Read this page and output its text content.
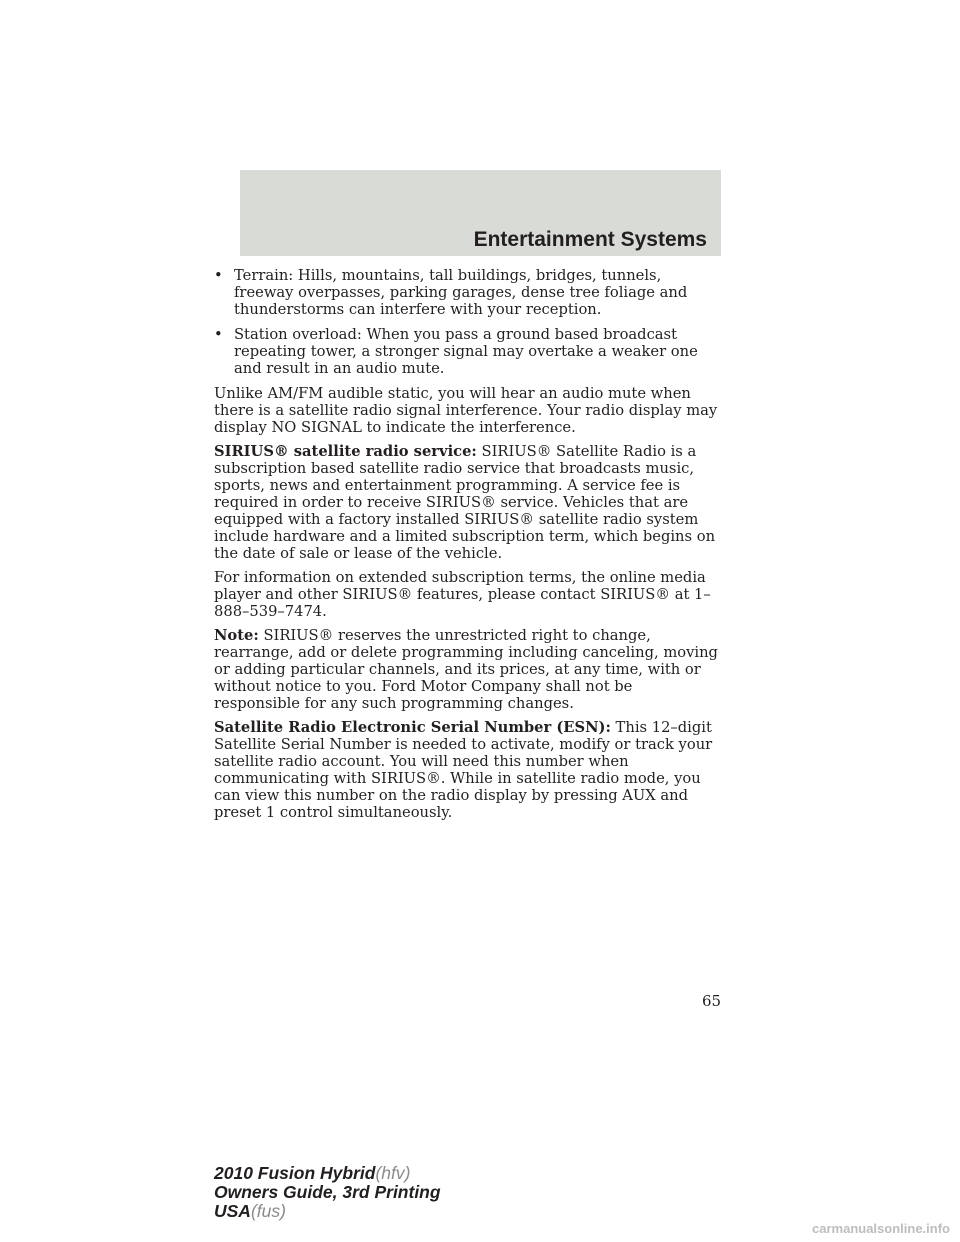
Entertainment Systems
• Terrain: Hills, mountains, tall buildings, bridges, tunnels, freeway overpasses, parking garages, dense tree foliage and thunderstorms can interfere with your reception.
• Station overload: When you pass a ground based broadcast repeating tower, a stronger signal may overtake a weaker one and result in an audio mute.

Unlike AM/FM audible static, you will hear an audio mute when there is a satellite radio signal interference. Your radio display may display NO SIGNAL to indicate the interference.

SIRIUS® satellite radio service: SIRIUS® Satellite Radio is a subscription based satellite radio service that broadcasts music, sports, news and entertainment programming. A service fee is required in order to receive SIRIUS® service. Vehicles that are equipped with a factory installed SIRIUS® satellite radio system include hardware and a limited subscription term, which begins on the date of sale or lease of the vehicle.

For information on extended subscription terms, the online media player and other SIRIUS® features, please contact SIRIUS® at 1–888–539–7474.

Note: SIRIUS® reserves the unrestricted right to change, rearrange, add or delete programming including canceling, moving or adding particular channels, and its prices, at any time, with or without notice to you. Ford Motor Company shall not be responsible for any such programming changes.

Satellite Radio Electronic Serial Number (ESN): This 12–digit Satellite Serial Number is needed to activate, modify or track your satellite radio account. You will need this number when communicating with SIRIUS®. While in satellite radio mode, you can view this number on the radio display by pressing AUX and preset 1 control simultaneously.

65
2010 Fusion Hybrid(hfv)
Owners Guide, 3rd Printing
USA(fus)
carmanualsonline.info
